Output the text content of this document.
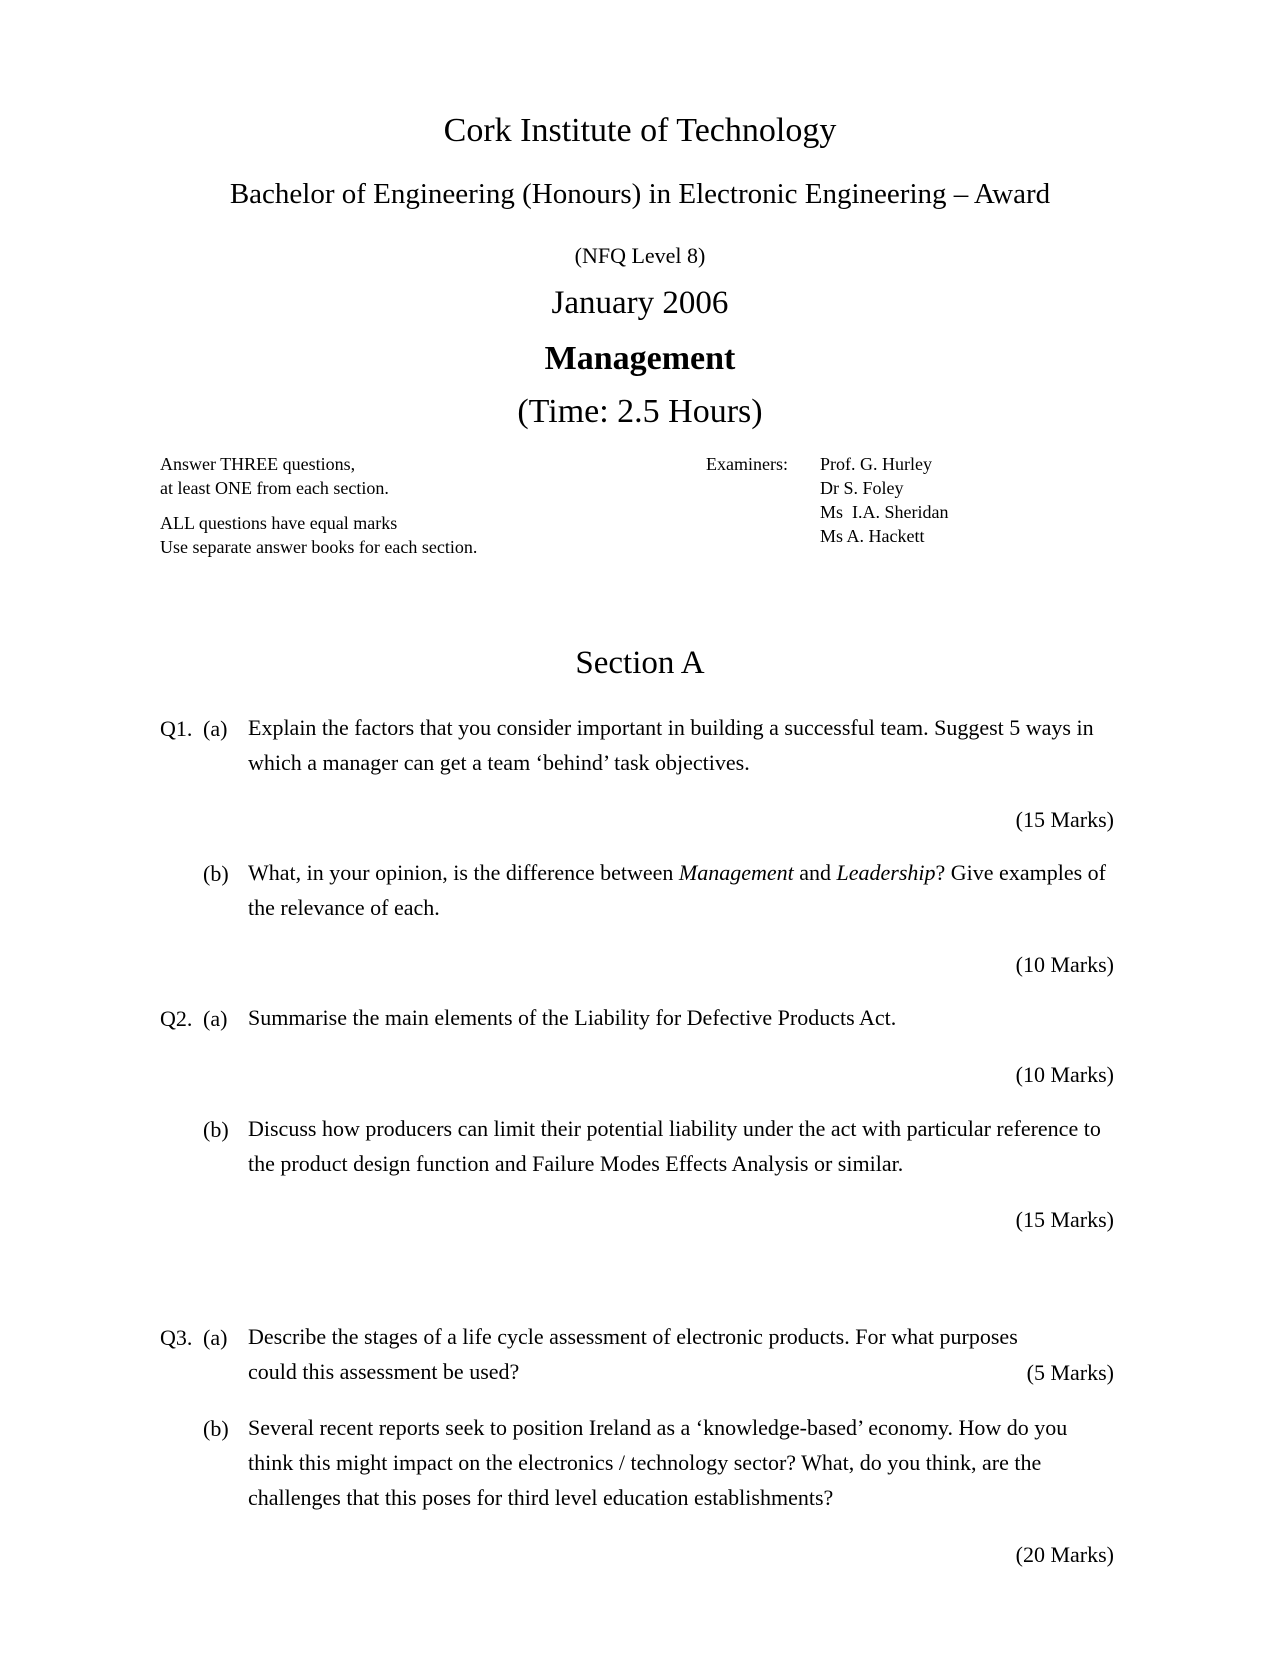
Cork Institute of Technology
Bachelor of Engineering (Honours) in Electronic Engineering – Award
(NFQ Level 8)
January 2006
Management
(Time: 2.5 Hours)
Answer THREE questions,
at least ONE from each section.
ALL questions have equal marks
Use separate answer books for each section.
Examiners: Prof. G. Hurley
Dr S. Foley
Ms  I.A. Sheridan
Ms A. Hackett
Section A
Q1. (a) Explain the factors that you consider important in building a successful team. Suggest 5 ways in which a manager can get a team ‘behind’ task objectives.
(15 Marks)
(b) What, in your opinion, is the difference between Management and Leadership? Give examples of the relevance of each.
(10 Marks)
Q2. (a) Summarise the main elements of the Liability for Defective Products Act.
(10 Marks)
(b) Discuss how producers can limit their potential liability under the act with particular reference to the product design function and Failure Modes Effects Analysis or similar.
(15 Marks)
Q3. (a) Describe the stages of a life cycle assessment of electronic products. For what purposes
could this assessment be used?	(5 Marks)
(b) Several recent reports seek to position Ireland as a ‘knowledge-based’ economy. How do you think this might impact on the electronics / technology sector? What, do you think, are the challenges that this poses for third level education establishments?
(20 Marks)
